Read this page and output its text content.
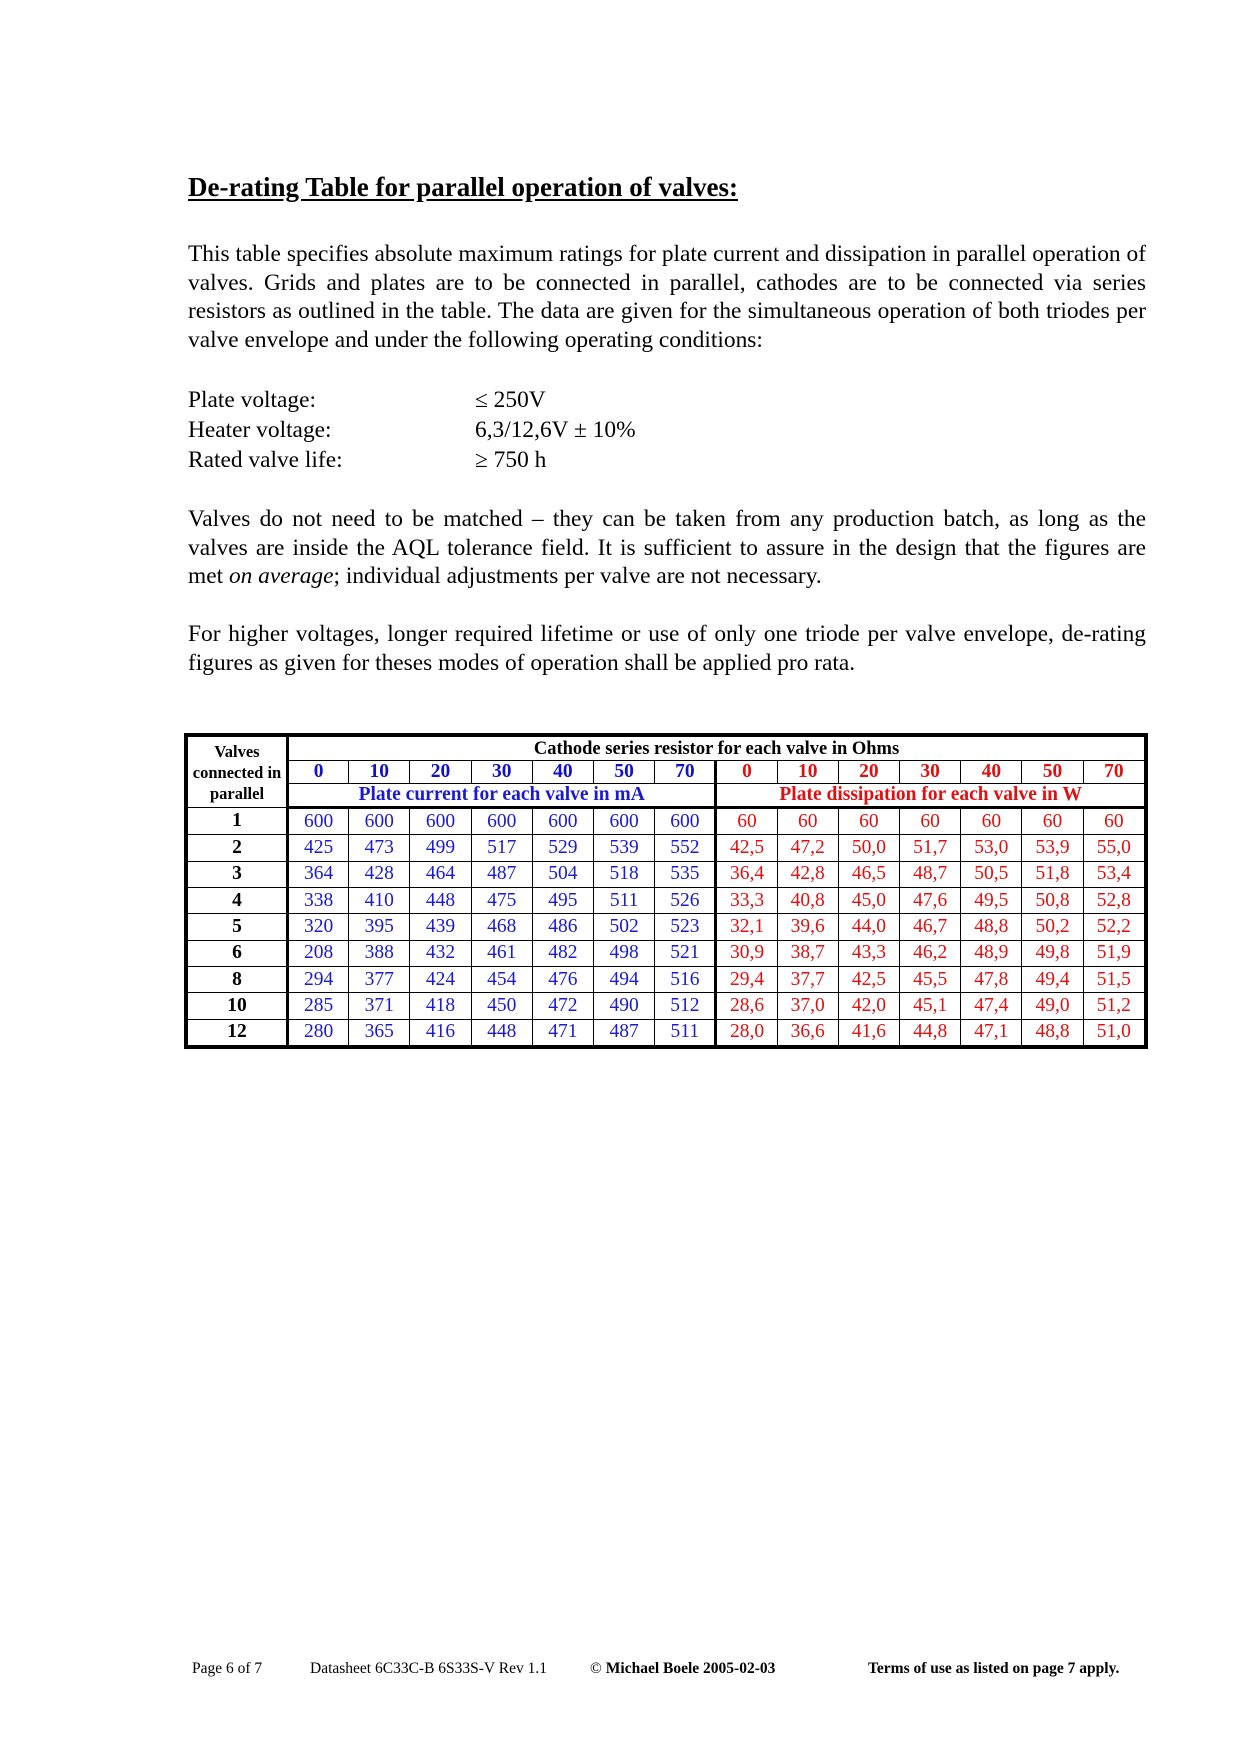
De-rating Table for parallel operation of valves:

This table specifies absolute maximum ratings for plate current and dissipation in parallel operation of valves. Grids and plates are to be connected in parallel, cathodes are to be connected via series resistors as outlined in the table. The data are given for the simultaneous operation of both triodes per valve envelope and under the following operating conditions:

Plate voltage:	≤ 250V
Heater voltage:	6,3/12,6V ± 10%
Rated valve life:	≥ 750 h

Valves do not need to be matched – they can be taken from any production batch, as long as the valves are inside the AQL tolerance field. It is sufficient to assure in the design that the figures are met on average; individual adjustments per valve are not necessary.

For higher voltages, longer required lifetime or use of only one triode per valve envelope, de-rating figures as given for theses modes of operation shall be applied pro rata.

Valves connected in parallel	Cathode series resistor for each valve in Ohms													
	0	10	20	30	40	50	70	0	10	20	30	40	50	70
	Plate current for each valve in mA							Plate dissipation for each valve in W						
1	600	600	600	600	600	600	600	60	60	60	60	60	60	60
2	425	473	499	517	529	539	552	42,5	47,2	50,0	51,7	53,0	53,9	55,0
3	364	428	464	487	504	518	535	36,4	42,8	46,5	48,7	50,5	51,8	53,4
4	338	410	448	475	495	511	526	33,3	40,8	45,0	47,6	49,5	50,8	52,8
5	320	395	439	468	486	502	523	32,1	39,6	44,0	46,7	48,8	50,2	52,2
6	208	388	432	461	482	498	521	30,9	38,7	43,3	46,2	48,9	49,8	51,9
8	294	377	424	454	476	494	516	29,4	37,7	42,5	45,5	47,8	49,4	51,5
10	285	371	418	450	472	490	512	28,6	37,0	42,0	45,1	47,4	49,0	51,2
12	280	365	416	448	471	487	511	28,0	36,6	41,6	44,8	47,1	48,8	51,0
Page 6 of 7	Datasheet 6C33C-B 6S33S-V Rev 1.1	© Michael Boele 2005-02-03	Terms of use as listed on page 7 apply.
